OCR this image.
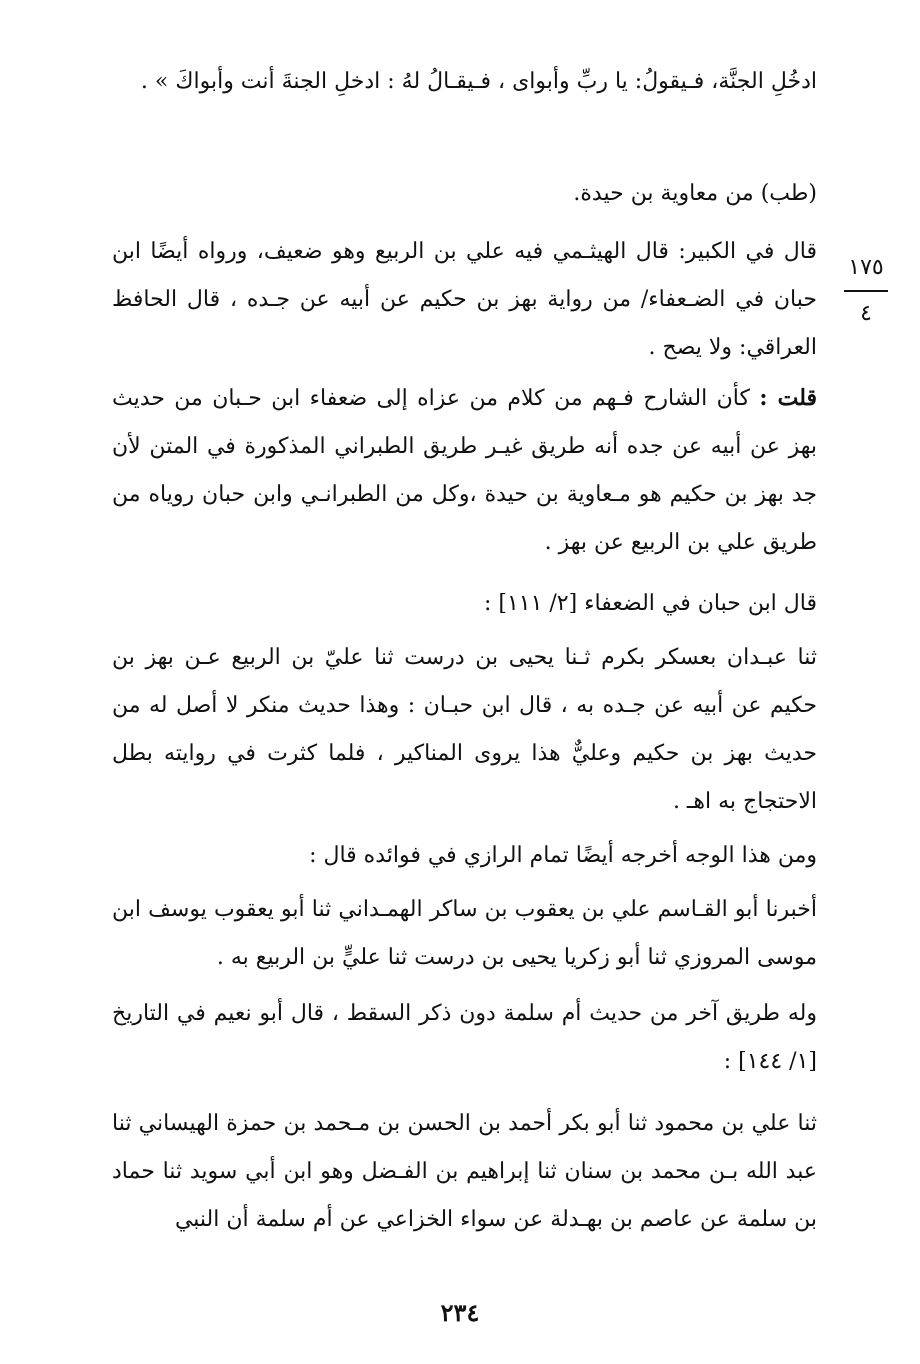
ادخُلِ الجنَّة، فـيقولُ: يا ربِّ وأبواى ، فـيقـالُ لهُ : ادخلِ الجنةَ أنت وأبواكَ » .
(طب) من معاوية بن حيدة.
١٧٥
٤
قال في الكبير: قال الهيثـمي فيه علي بن الربيع وهو ضعيف، ورواه أيضًا ابن حبان في الضـعفاء/ من رواية بهز بن حكيم عن أبيه عن جـده ، قال الحافظ العراقي: ولا يصح .
قلت : كأن الشارح فـهم من كلام من عزاه إلى ضعفاء ابن حـبان من حديث بهز عن أبيه عن جده أنه طريق غيـر طريق الطبراني المذكورة في المتن لأن جد بهز بن حكيم هو مـعاوية بن حيدة ،وكل من الطبرانـي وابن حبان روياه من طريق علي بن الربيع عن بهز .
قال ابن حبان في الضعفاء [٢/ ١١١] :
ثنا عبـدان بعسكر بكرم ثـنا يحيى بن درست ثنا عليّ بن الربيع عـن بهز بن حكيم عن أبيه عن جـده به ، قال ابن حبـان : وهذا حديث منكر لا أصل له من حديث بهز بن حكيم وعليٌّ هذا يروى المناكير ، فلما كثرت في روايته بطل الاحتجاج به اهـ .
ومن هذا الوجه أخرجه أيضًا تمام الرازي في فوائده قال :
أخبرنا أبو القـاسم علي بن يعقوب بن ساكر الهمـداني ثنا أبو يعقوب يوسف ابن موسى المروزي ثنا أبو زكريا يحيى بن درست ثنا عليٍّ بن الربيع به .
وله طريق آخر من حديث أم سلمة دون ذكر السقط ، قال أبو نعيم في التاريخ [١/ ١٤٤] :
ثنا علي بن محمود ثنا أبو بكر أحمد بن الحسن بن مـحمد بن حمزة الهيساني ثنا عبد الله بـن محمد بن سنان ثنا إبراهيم بن الفـضل وهو ابن أبي سويد ثنا حماد بن سلمة عن عاصم بن بهـدلة عن سواء الخزاعي عن أم سلمة أن النبي
٢٣٤
